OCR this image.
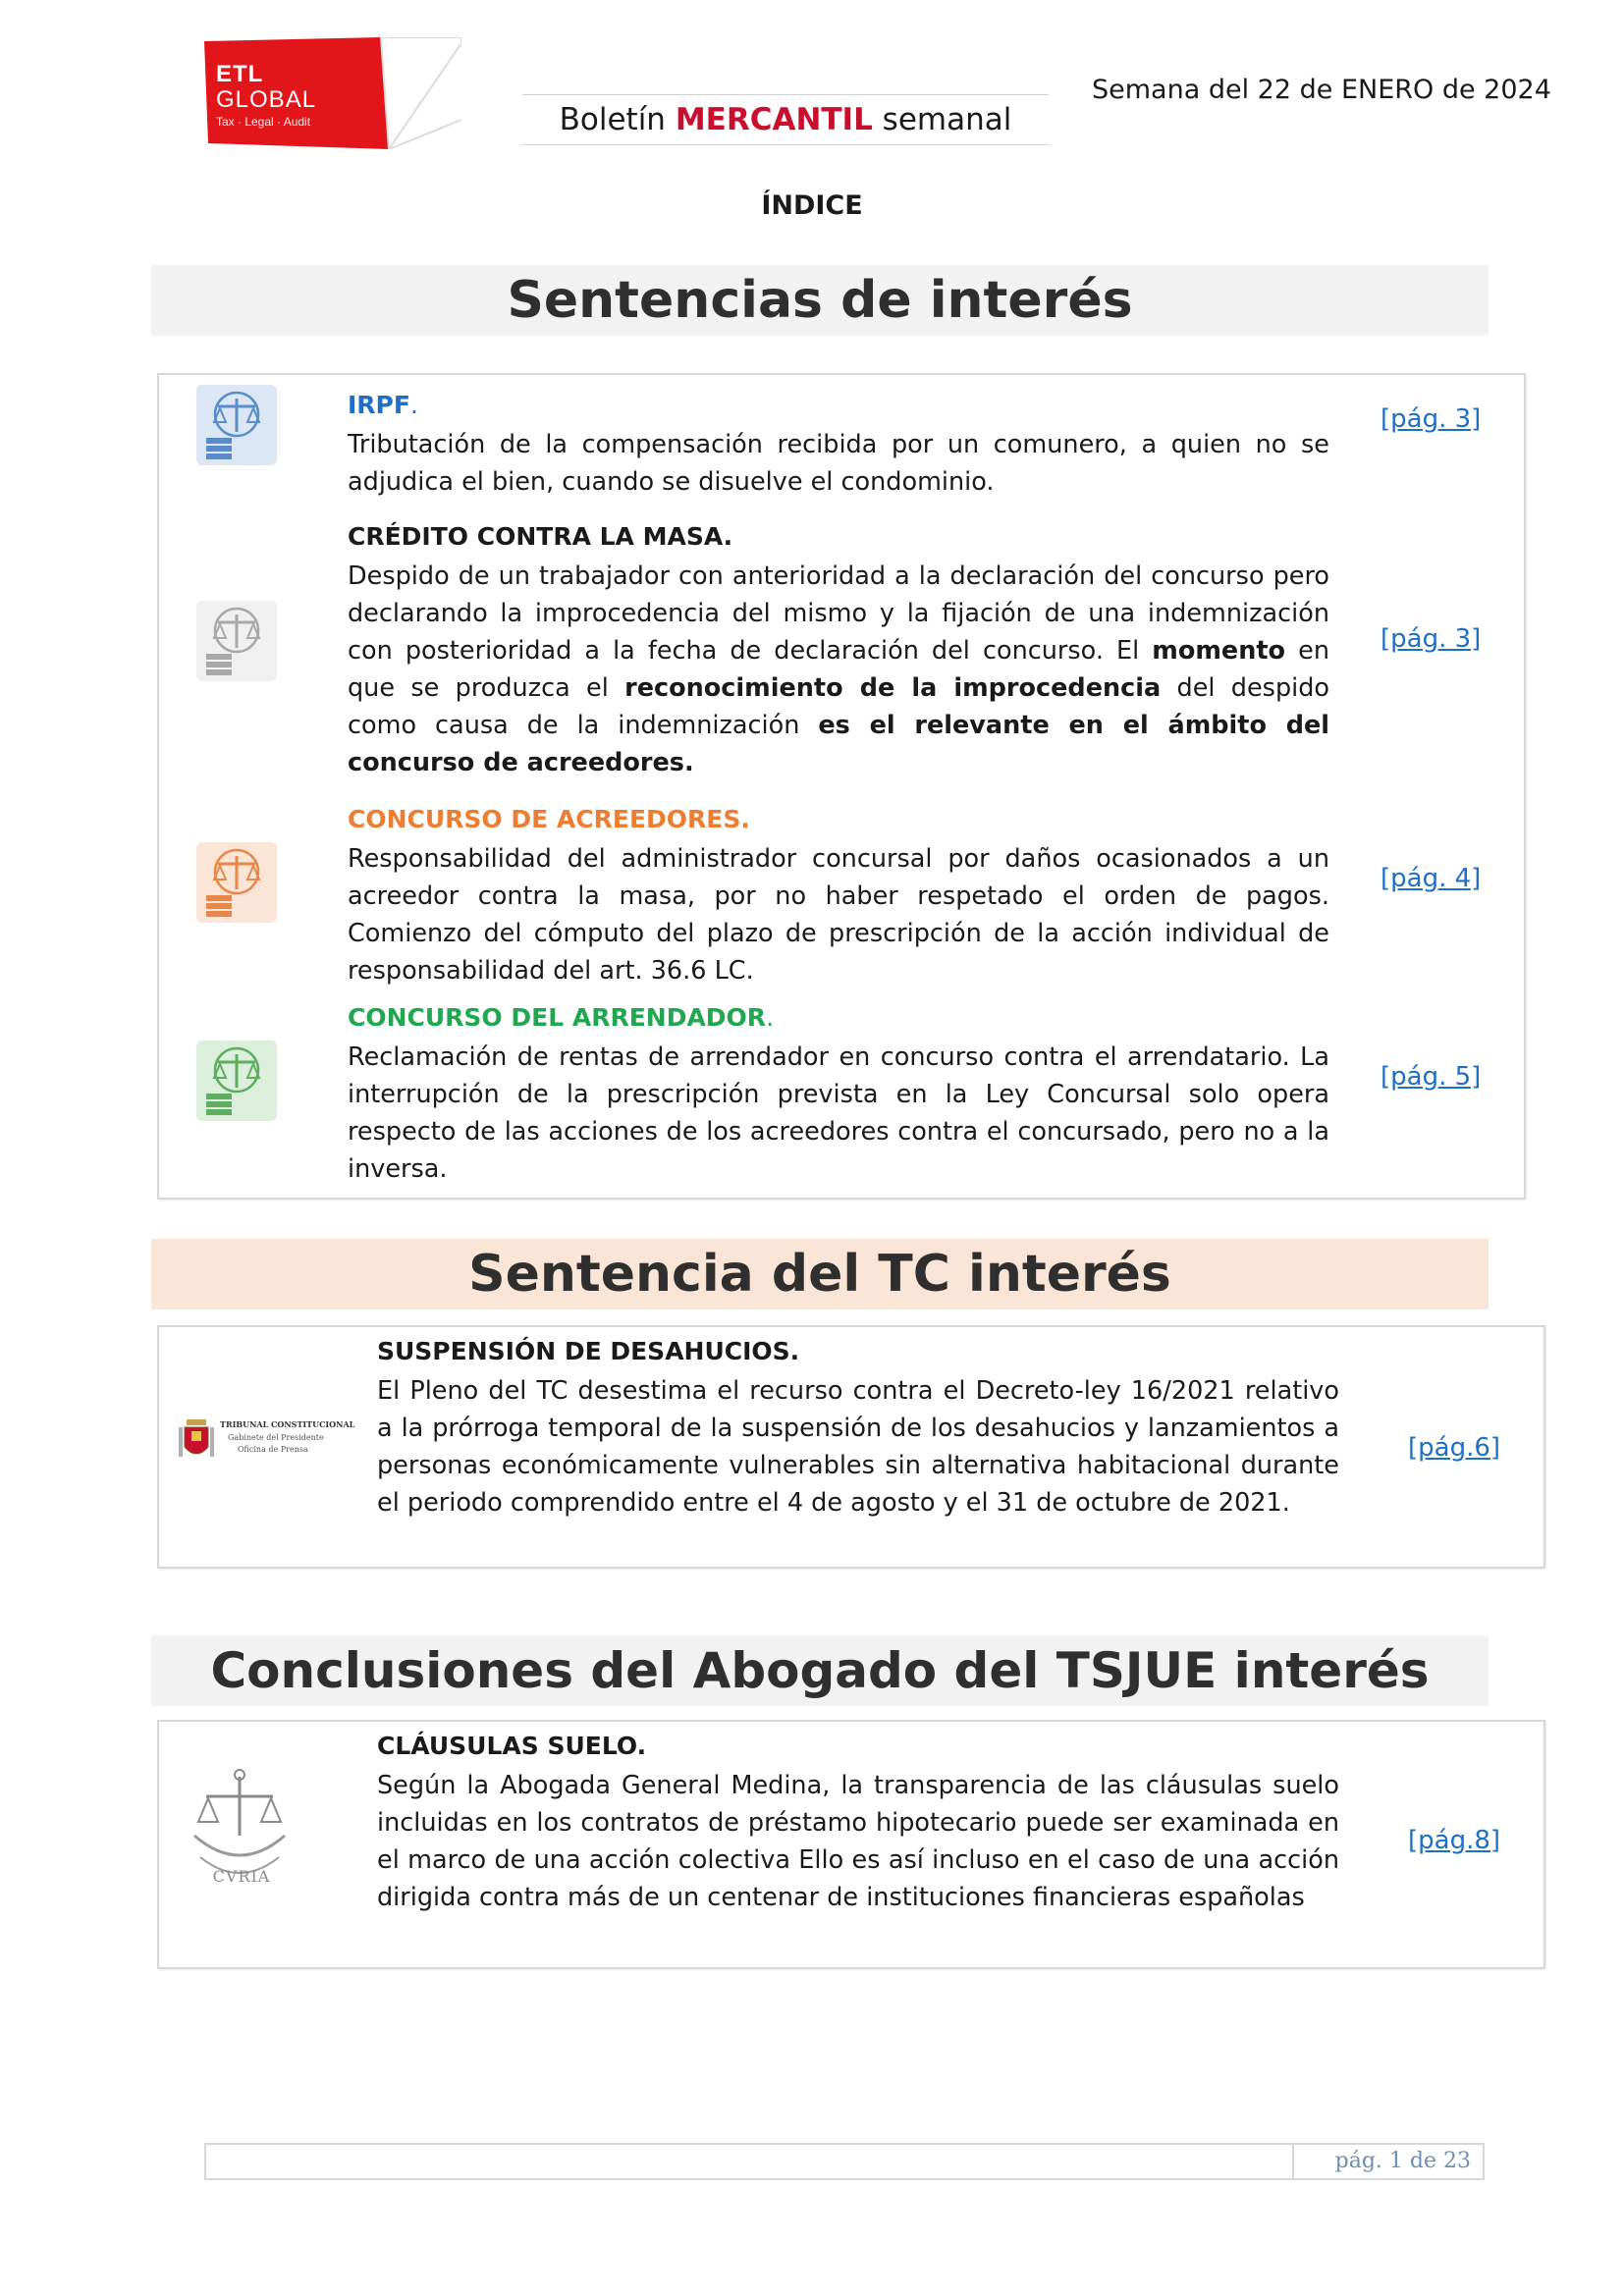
ETL
GLOBAL
Tax · Legal · Audit	Boletín MERCANTIL semanal
Semana del 22 de ENERO de 2024
ÍNDICE
Sentencias de interés
IRPF.
Tributación de la compensación recibida por un comunero, a quien no se adjudica el bien, cuando se disuelve el condominio.
[pág. 3]
CRÉDITO CONTRA LA MASA.
Despido de un trabajador con anterioridad a la declaración del concurso pero declarando la improcedencia del mismo y la fijación de una indemnización con posterioridad a la fecha de declaración del concurso. El momento en que se produzca el reconocimiento de la improcedencia del despido como causa de la indemnización es el relevante en el ámbito del concurso de acreedores.
[pág. 3]
CONCURSO DE ACREEDORES.
Responsabilidad del administrador concursal por daños ocasionados a un acreedor contra la masa, por no haber respetado el orden de pagos. Comienzo del cómputo del plazo de prescripción de la acción individual de responsabilidad del art. 36.6 LC.
[pág. 4]
CONCURSO DEL ARRENDADOR.
Reclamación de rentas de arrendador en concurso contra el arrendatario. La interrupción de la prescripción prevista en la Ley Concursal solo opera respecto de las acciones de los acreedores contra el concursado, pero no a la inversa.
[pág. 5]
Sentencia del TC interés
TRIBUNAL CONSTITUCIONAL
Gabinete del Presidente
Oficina de Prensa
SUSPENSIÓN DE DESAHUCIOS.
El Pleno del TC desestima el recurso contra el Decreto-ley 16/2021 relativo a la prórroga temporal de la suspensión de los desahucios y lanzamientos a personas económicamente vulnerables sin alternativa habitacional durante el periodo comprendido entre el 4 de agosto y el 31 de octubre de 2021.
[pág.6]
Conclusiones del Abogado del TSJUE interés
CVRIA
CLÁUSULAS SUELO.
Según la Abogada General Medina, la transparencia de las cláusulas suelo incluidas en los contratos de préstamo hipotecario puede ser examinada en el marco de una acción colectiva Ello es así incluso en el caso de una acción dirigida contra más de un centenar de instituciones financieras españolas
[pág.8]
pág. 1 de 23
